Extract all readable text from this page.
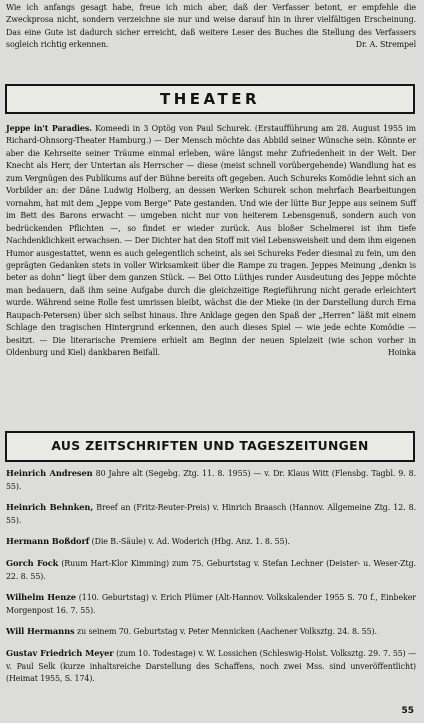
Wie ich anfangs gesagt habe, freue ich mich aber, daß der Verfasser betont, er empfehle die Zweckprosa nicht, sondern verzeichne sie nur und weise darauf hin in ihrer vielfältigen Erscheinung. Das eine Gute ist dadurch sicher erreicht, daß weitere Leser des Buches die Stellung des Verfassers sogleich richtig erkennen.	Dr. A. Strempel

THEATER

Jeppe in't Paradies. Komeedi in 3 Optög von Paul Schurek. (Erstaufführung am 28. August 1955 im Richard-Ohnsorg-Theater Hamburg.) — Der Mensch möchte das Abbild seiner Wünsche sein. Könnte er aber die Kehrseite seiner Träume einmal erleben, wäre längst mehr Zufriedenheit in der Welt. Der Knecht als Herr, der Untertan als Herrscher — diese (meist schnell vorübergehende) Wandlung hat es zum Vergnügen des Publikums auf der Bühne bereits oft gegeben. Auch Schureks Komödie lehnt sich an Vorbilder an: der Däne Ludwig Holberg, an dessen Werken Schurek schon mehrfach Bearbeitungen vornahm, hat mit dem „Jeppe vom Berge“ Pate gestanden. Und wie der lütte Bur Jeppe aus seinem Suff im Bett des Barons erwacht — umgeben nicht nur von heiterem Lebensgenuß, sondern auch von bedrückenden Pflichten —, so findet er wieder zurück. Aus bloßer Schelmerei ist ihm tiefe Nachdenklichkeit erwachsen. — Der Dichter hat den Stoff mit viel Lebensweisheit und dem ihm eigenen Humor ausgestattet, wenn es auch gelegentlich scheint, als sei Schureks Feder diesmal zu fein, um den geprägten Gedanken stets in voller Wirksamkeit über die Rampe zu tragen. Jeppes Meinung „denkn is beter as dohn“ liegt über dem ganzen Stück. — Bei Otto Lüthjes runder Ausdeutung des Jeppe möchte man bedauern, daß ihm seine Aufgabe durch die gleichzeitige Regieführung nicht gerade erleichtert wurde. Während seine Rolle fest umrissen bleibt, wächst die der Mieke (in der Darstellung durch Erna Raupach-Petersen) über sich selbst hinaus. Ihre Anklage gegen den Spaß der „Herren“ läßt mit einem Schlage den tragischen Hintergrund erkennen, den auch dieses Spiel — wie jede echte Komödie — besitzt. — Die literarische Premiere erhielt am Beginn der neuen Spielzeit (wie schon vorher in Oldenburg und Kiel) dankbaren Beifall.	Hoinka

AUS ZEITSCHRIFTEN UND TAGESZEITUNGEN
Heinrich Andresen 80 Jahre alt (Segebg. Ztg. 11. 8. 1955) — v. Dr. Klaus Witt (Flensbg. Tagbl. 9. 8. 55).
Heinrich Behnken, Breef an (Fritz-Reuter-Preis) v. Hinrich Braasch (Hannov. Allgemeine Ztg. 12. 8. 55).
Hermann Boßdorf (Die B.-Säule) v. Ad. Woderich (Hbg. Anz. 1. 8. 55).
Gorch Fock (Ruum Hart-Klor Kimming) zum 75. Geburtstag v. Stefan Lechner (Deister- u. Weser-Ztg. 22. 8. 55).
Wilhelm Henze (110. Geburtstag) v. Erich Plümer (Alt-Hannov. Volkskalender 1955 S. 70 f., Einbeker Morgenpost 16. 7. 55).
Will Hermanns zu seinem 70. Geburtstag v. Peter Mennicken (Aachener Volksztg. 24. 8. 55).
Gustav Friedrich Meyer (zum 10. Todestage) v. W. Lossichen (Schleswig-Holst. Volksztg. 29. 7. 55) — v. Paul Selk (kurze inhaltsreiche Darstellung des Schaffens, noch zwei Mss. sind unveröffentlicht) (Heimat 1955, S. 174).
55
